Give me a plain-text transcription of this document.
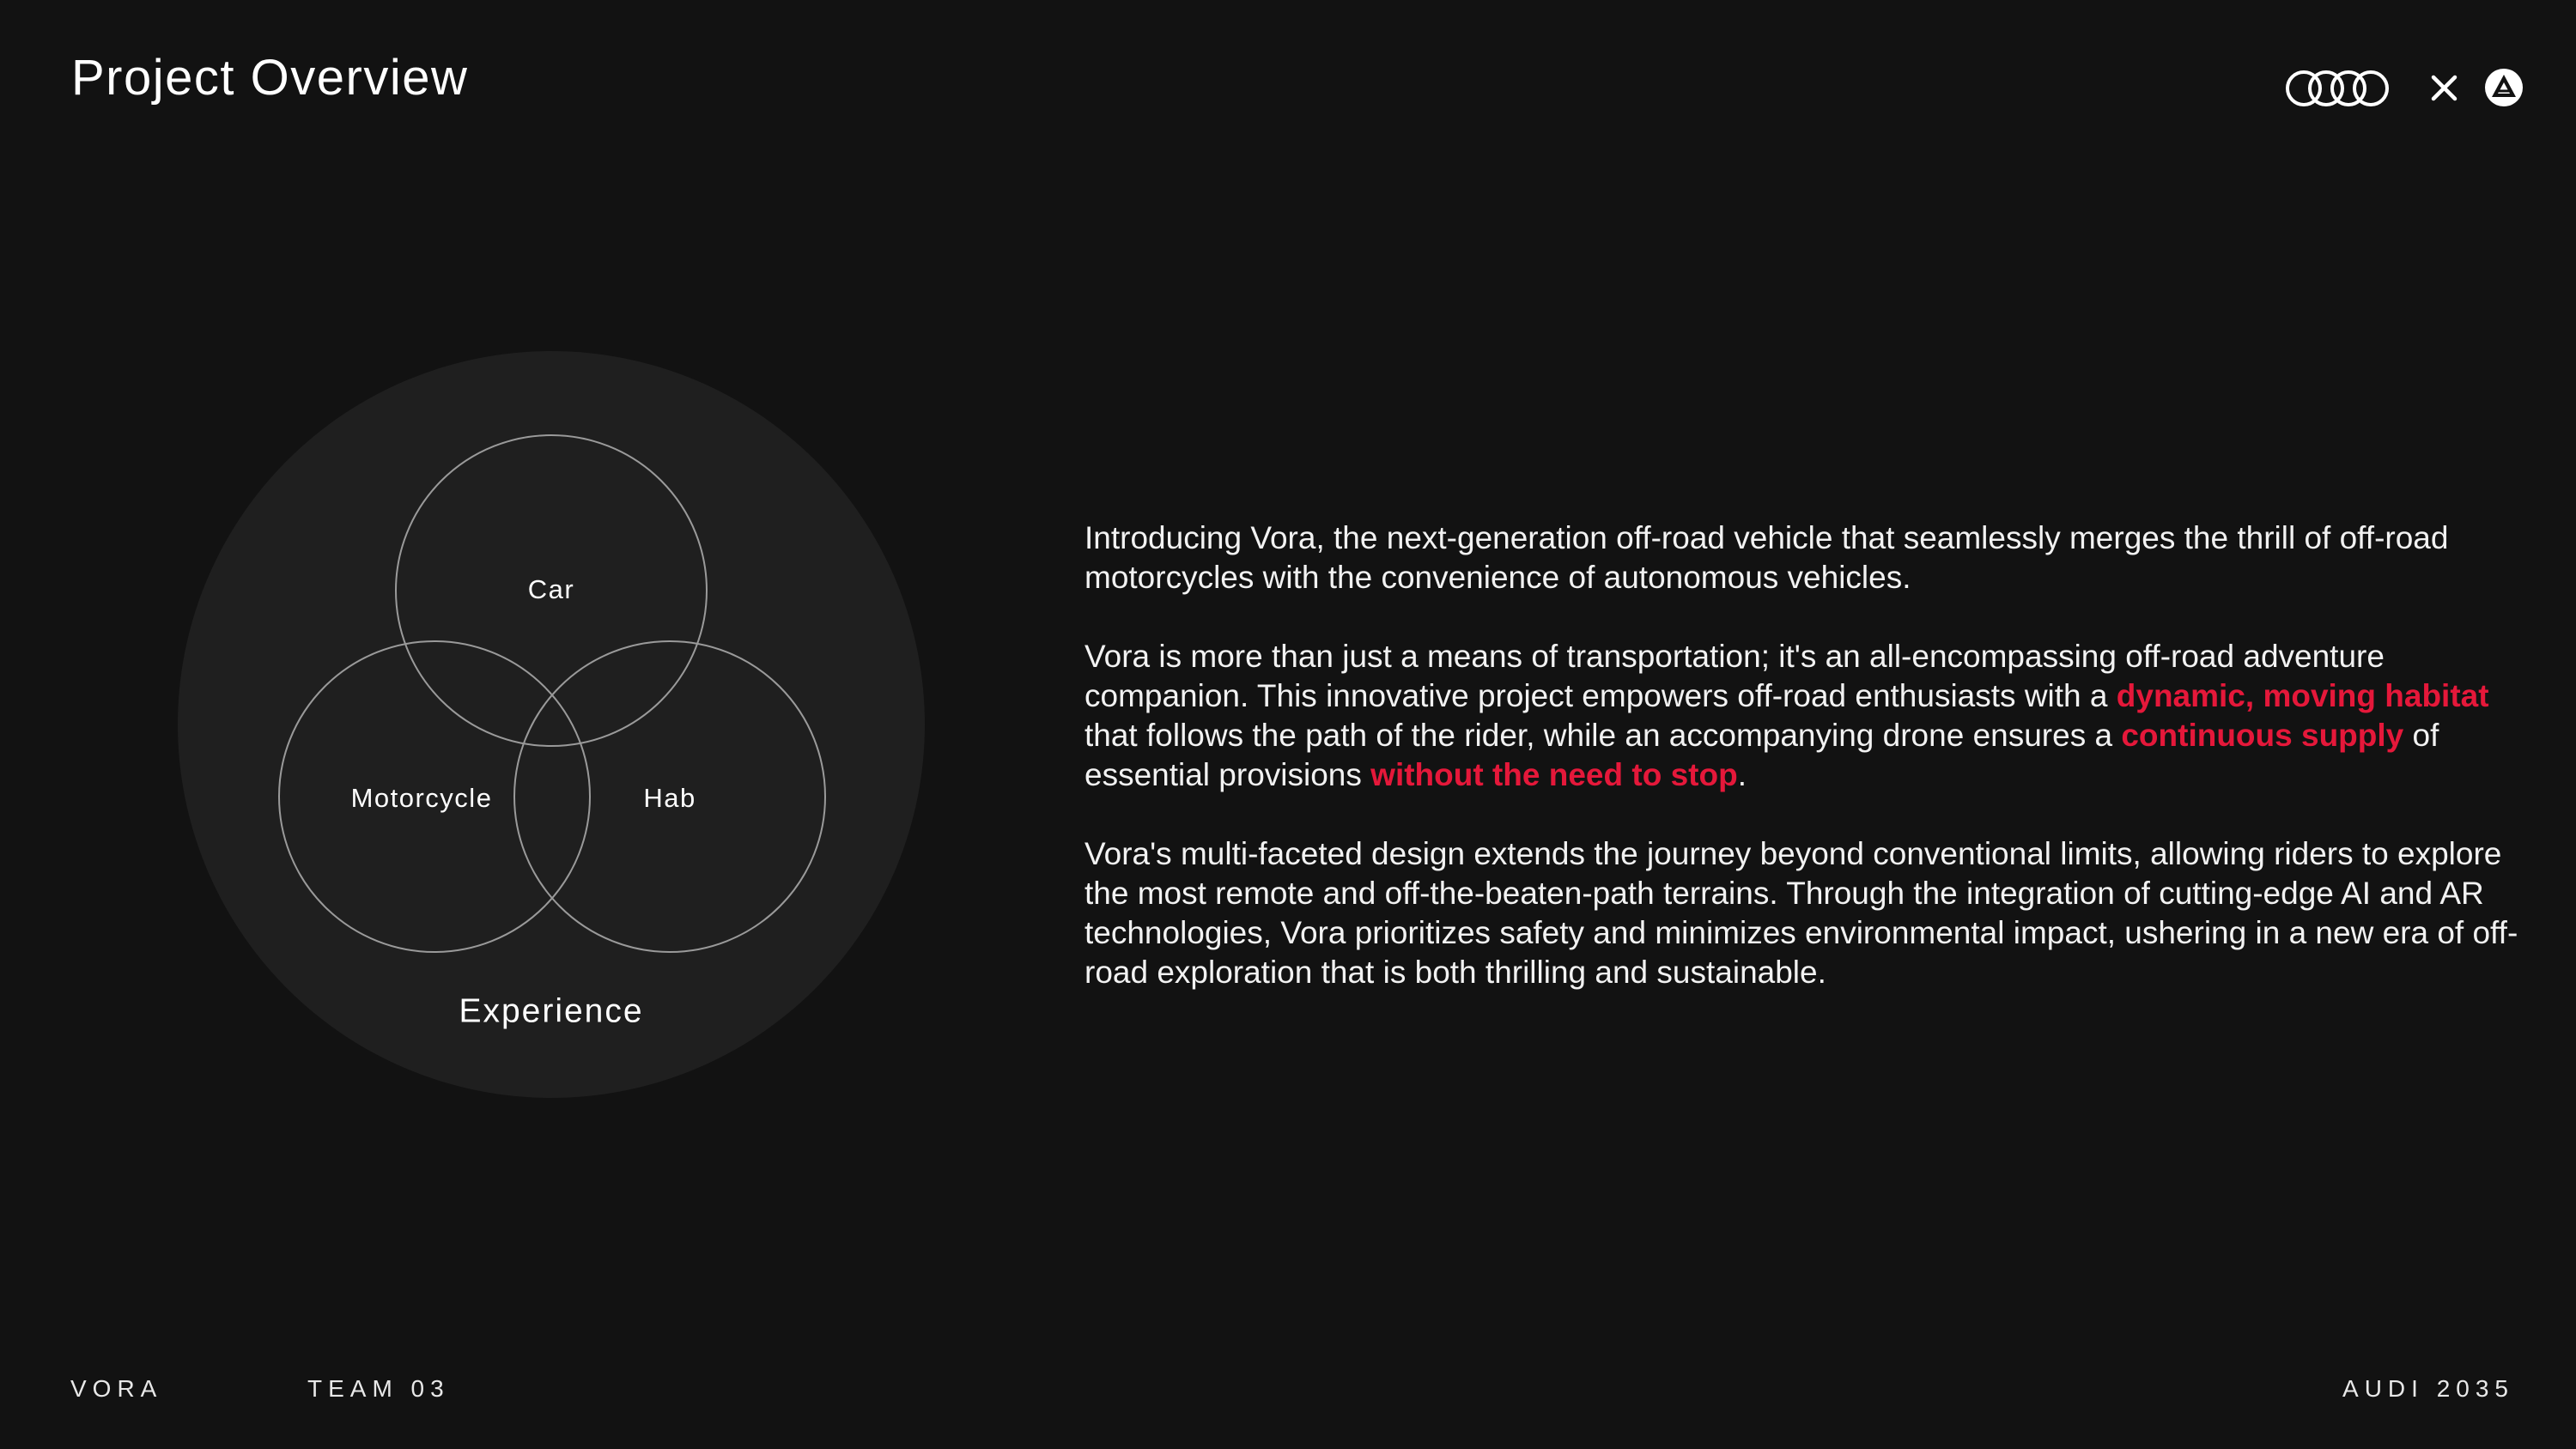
Project Overview
Car
Motorcycle	Hab
Experience

Introducing Vora, the next-generation off-road vehicle that seamlessly merges the thrill of off-road motorcycles with the convenience of autonomous vehicles.

Vora is more than just a means of transportation; it's an all-encompassing off-road adventure companion. This innovative project empowers off-road enthusiasts with a dynamic, moving habitat that follows the path of the rider, while an accompanying drone ensures a continuous supply of essential provisions without the need to stop.

Vora's multi-faceted design extends the journey beyond conventional limits, allowing riders to explore the most remote and off-the-beaten-path terrains. Through the integration of cutting-edge AI and AR technologies, Vora prioritizes safety and minimizes environmental impact, ushering in a new era of off-road exploration that is both thrilling and sustainable.

VORA	TEAM 03	AUDI 2035
